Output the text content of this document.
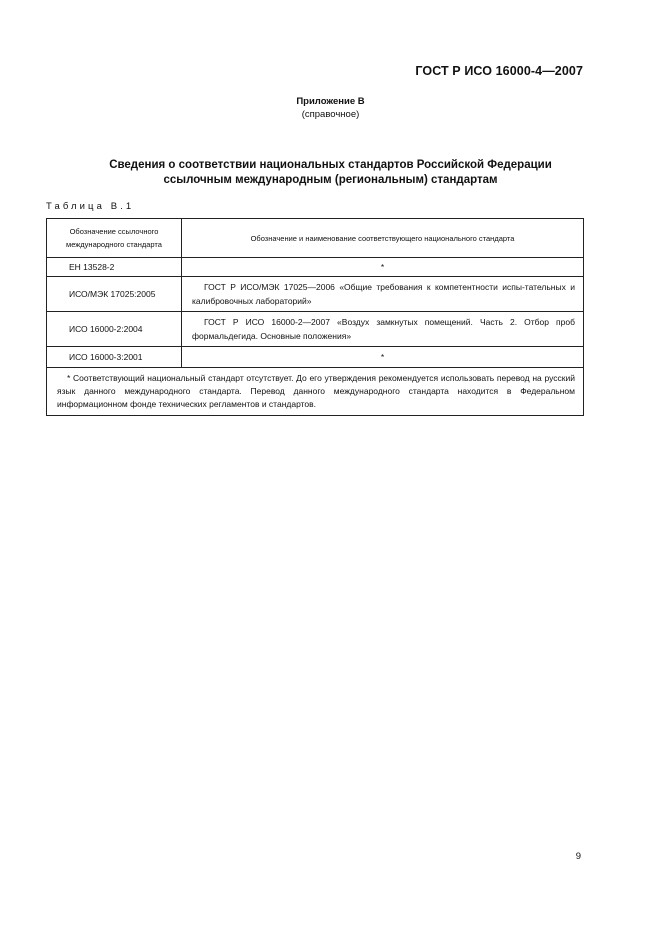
ГОСТ Р ИСО 16000-4—2007
Приложение В
(справочное)
Сведения о соответствии национальных стандартов Российской Федерации
ссылочным международным (региональным) стандартам
Таблица В.1
Обозначение ссылочного международного стандарта	Обозначение и наименование соответствующего национального стандарта
ЕН 13528-2	*
ИСО/МЭК 17025:2005	ГОСТ Р ИСО/МЭК 17025—2006 «Общие требования к компетентности испы-тательных и калибровочных лабораторий»
ИСО 16000-2:2004	ГОСТ Р ИСО 16000-2—2007 «Воздух замкнутых помещений. Часть 2. Отбор проб формальдегида. Основные положения»
ИСО 16000-3:2001	*
* Соответствующий национальный стандарт отсутствует. До его утверждения рекомендуется использовать перевод на русский язык данного международного стандарта. Перевод данного международного стандарта находится в Федеральном информационном фонде технических регламентов и стандартов.	
9
